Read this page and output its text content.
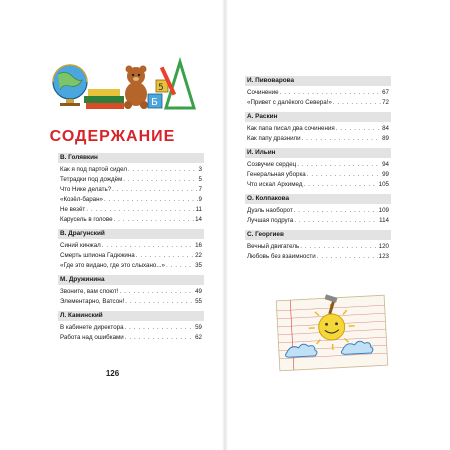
Б
5
СОДЕРЖАНИЕ
В. Голявкин
Как я под партой сидел . . .	3
Тетрадки под дождём . . .	5
Что Нике делать? . . .	7
«Козёл-баран» . . .	9
Не везёт . . .	11
Карусель в голове . . .	14
В. Драгунский
Синий кинжал . . .	16
Смерть шпиона Гадюкина . . .	22
«Где это видано, где это слыхано...» . . .	35
М. Дружинина
Звоните, вам споют! . . .	49
Элементарно, Ватсон! . . .	55
Л. Каминский
В кабинете директора . . .	59
Работа над ошибками . . .	62
126
И. Пивоварова
Сочинение . . .	67
«Привет с далёкого Севера!» . . .	72
А. Раскин
Как папа писал два сочинения . . .	84
Как папу дразнили . . .	89
И. Ильин
Созвучие сердец . . .	94
Генеральная уборка . . .	99
Что искал Архимед . . .	105
О. Колпакова
Дуэль наоборот . . .	109
Лучшая подруга . . .	114
С. Георгиев
Вечный двигатель . . .	120
Любовь без взаимности . . .	123
